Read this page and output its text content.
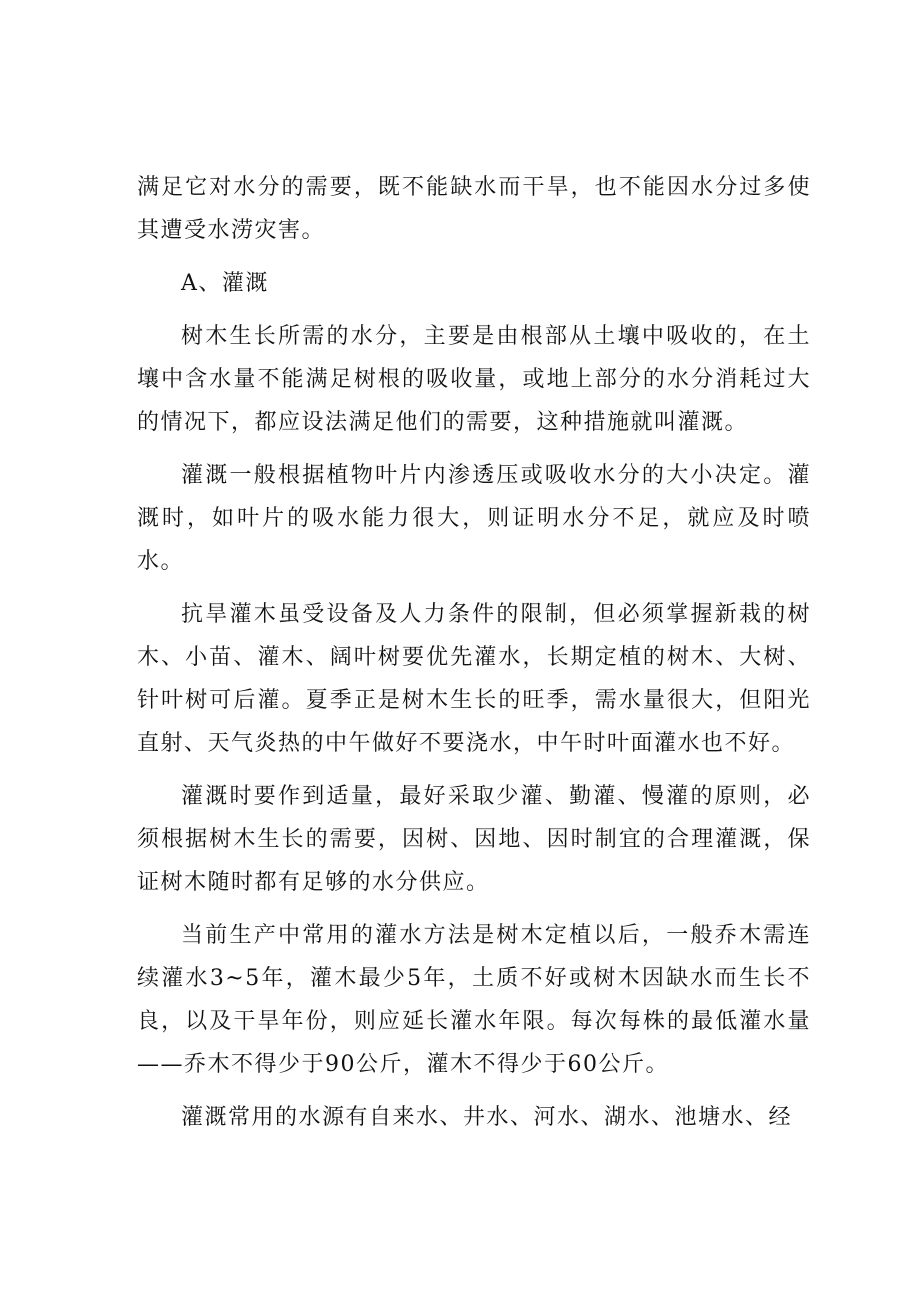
满足它对水分的需要，既不能缺水而干旱，也不能因水分过多使其遭受水涝灾害。

A、灌溉

树木生长所需的水分，主要是由根部从土壤中吸收的，在土壤中含水量不能满足树根的吸收量，或地上部分的水分消耗过大的情况下，都应设法满足他们的需要，这种措施就叫灌溉。

灌溉一般根据植物叶片内渗透压或吸收水分的大小决定。灌溉时，如叶片的吸水能力很大，则证明水分不足，就应及时喷水。

抗旱灌木虽受设备及人力条件的限制，但必须掌握新栽的树木、小苗、灌木、阔叶树要优先灌水，长期定植的树木、大树、针叶树可后灌。夏季正是树木生长的旺季，需水量很大，但阳光直射、天气炎热的中午做好不要浇水，中午时叶面灌水也不好。

灌溉时要作到适量，最好采取少灌、勤灌、慢灌的原则，必须根据树木生长的需要，因树、因地、因时制宜的合理灌溉，保证树木随时都有足够的水分供应。

当前生产中常用的灌水方法是树木定植以后，一般乔木需连续灌水3~5年，灌木最少5年，土质不好或树木因缺水而生长不良，以及干旱年份，则应延长灌水年限。每次每株的最低灌水量——乔木不得少于90公斤，灌木不得少于60公斤。

灌溉常用的水源有自来水、井水、河水、湖水、池塘水、经
